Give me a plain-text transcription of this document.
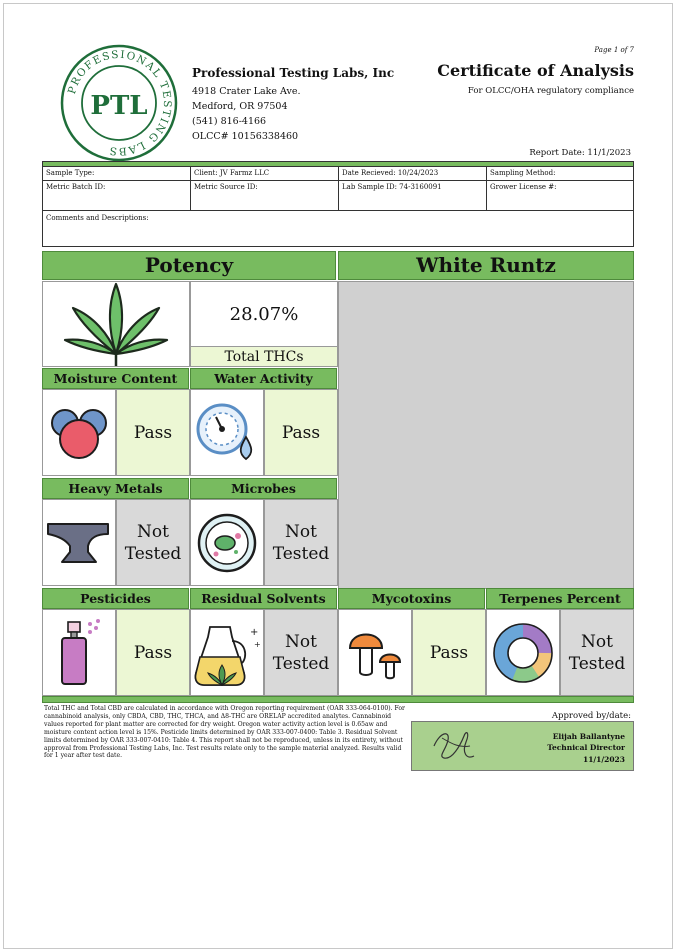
PROFESSIONAL TESTING LABS
PTL
Professional Testing Labs, Inc
4918 Crater Lake Ave.
Medford, OR 97504
(541) 816-4166
OLCC# 10156338460
Page 1 of 7
Certificate of Analysis
For OLCC/OHA regulatory compliance
Report Date: 11/1/2023
Sample Type:	Client: JV Farmz LLC	Date Recieved: 10/24/2023	Sampling Method:
Metric Batch ID:	Metric Source ID:	Lab Sample ID: 74-3160091	Grower License #:
Comments and Descriptions:
Potency	White Runtz
28.07%
Total THCs
Moisture Content	Water Activity
Pass	Pass
Heavy Metals	Microbes
Not
Tested
Not
Tested
Pesticides	Residual Solvents	Mycotoxins	Terpenes Percent
Pass
+
+	Not
Tested
Pass
Not
Tested
Total THC and Total CBD are calculated in accordance with Oregon reporting requirement (OAR 333-064-0100). For cannabinoid analysis, only CBDA, CBD, THC, THCA, and Δ8-THC are ORELAP accredited analytes. Cannabinoid values reported for plant matter are corrected for dry weight. Oregon water activity action level is 0.65aw and moisture content action level is 15%. Pesticide limits determined by OAR 333-007-0400: Table 3. Residual Solvent limits determined by OAR 333-007-0410: Table 4. This report shall not be reproduced, unless in its entirety, without approval from Professional Testing Labs, Inc. Test results relate only to the sample material analyzed. Results valid for 1 year after test date.
Approved by/date:
Elijah Ballantyne
Technical Director
11/1/2023
